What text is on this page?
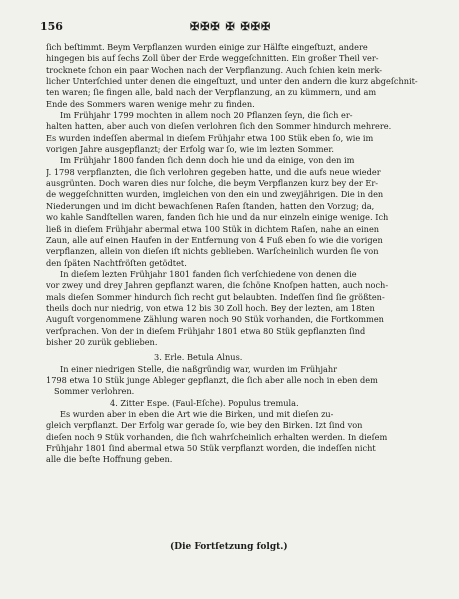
156	✠✠✠ ✠ ✠✠✠
ſich beſtimmt. Beym Verpflanzen wurden einige zur Hälfte eingeſtuzt, andere
hingegen bis auf ſechs Zoll über der Erde weggeſchnitten. Ein großer Theil ver-
trocknete ſchon ein paar Wochen nach der Verpflanzung. Auch ſchien kein merk-
licher Unterſchied unter denen die eingeſtuzt, und unter den andern die kurz abgeſchnit-
ten waren; ſie fingen alle, bald nach der Verpflanzung, an zu kümmern, und am
Ende des Sommers waren wenige mehr zu finden.
Im Frühjahr 1799 mochten in allem noch 20 Pflanzen ſeyn, die ſich er-
halten hatten, aber auch von dieſen verlohren ſich den Sommer hindurch mehrere.
Es wurden indeſſen abermal in dieſem Frühjahr etwa 100 Stük eben ſo, wie im
vorigen Jahre ausgepflanzt; der Erfolg war ſo, wie im lezten Sommer.
Im Frühjahr 1800 fanden ſich denn doch hie und da einige, von den im
J. 1798 verpflanzten, die ſich verlohren gegeben hatte, und die aufs neue wieder
ausgrünten. Doch waren dies nur ſolche, die beym Verpflanzen kurz bey der Er-
de weggeſchnitten wurden, imgleichen von den ein und zweyjährigen. Die in den
Niederungen und im dicht bewachſenen Raſen ſtanden, hatten den Vorzug; da,
wo kahle Sandſtellen waren, fanden ſich hie und da nur einzeln einige wenige. Ich
ließ in dieſem Frühjahr abermal etwa 100 Stük in dichtem Raſen, nahe an einen
Zaun, alle auf einen Haufen in der Entfernung von 4 Fuß eben ſo wie die vorigen
verpflanzen, allein von dieſen iſt nichts geblieben. Warſcheinlich wurden ſie von
den ſpäten Nachtfröſten getödtet.
In dieſem lezten Frühjahr 1801 fanden ſich verſchiedene von denen die
vor zwey und drey Jahren gepflanzt waren, die ſchöne Knoſpen hatten, auch noch-
mals dieſen Sommer hindurch ſich recht gut belaubten. Indeſſen ſind ſie größten-
theils doch nur niedrig, von etwa 12 bis 30 Zoll hoch. Bey der lezten, am 18ten
Auguſt vorgenommene Zählung waren noch 90 Stük vorhanden, die Fortkommen
verſprachen. Von der in dieſem Frühjahr 1801 etwa 80 Stük gepflanzten ſind
bisher 20 zurük geblieben.
3. Erle. Betula Alnus.
In einer niedrigen Stelle, die naßgründig war, wurden im Frühjahr
1798 etwa 10 Stük junge Ableger gepflanzt, die ſich aber alle noch in eben dem
Sommer verlohren.
4. Zitter Espe. (Faul-Eſche). Populus tremula.
Es wurden aber in eben die Art wie die Birken, und mit dieſen zu-
gleich verpflanzt. Der Erfolg war gerade ſo, wie bey den Birken. Izt ſind von
dieſen noch 9 Stük vorhanden, die ſich wahrſcheinlich erhalten werden. In dieſem
Frühjahr 1801 ſind abermal etwa 50 Stük verpflanzt worden, die indeſſen nicht
alle die beſte Hoffnung geben.
(Die Fortſetzung folgt.)
